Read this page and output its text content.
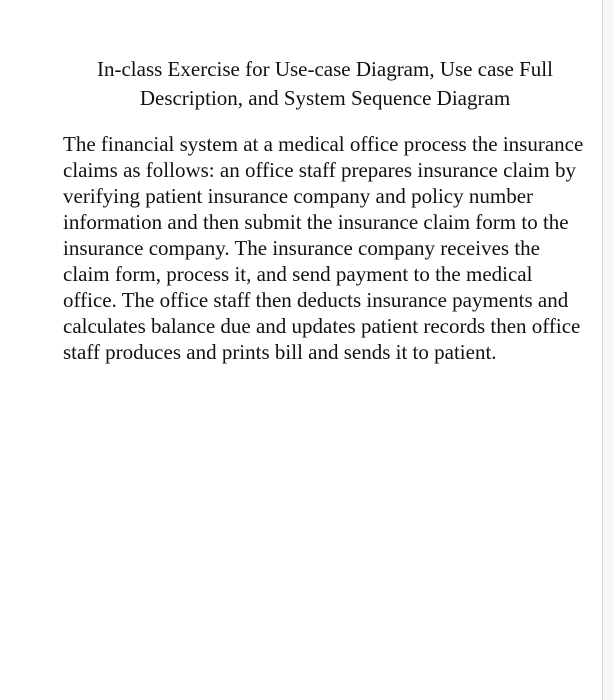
In-class Exercise for Use-case Diagram, Use case Full Description, and System Sequence Diagram

The financial system at a medical office process the insurance claims as follows: an office staff prepares insurance claim by verifying patient insurance company and policy number information and then submit the insurance claim form to the insurance company. The insurance company receives the claim form, process it, and send payment to the medical office. The office staff then deducts insurance payments and calculates balance due and updates patient records then office staff produces and prints bill and sends it to patient.
